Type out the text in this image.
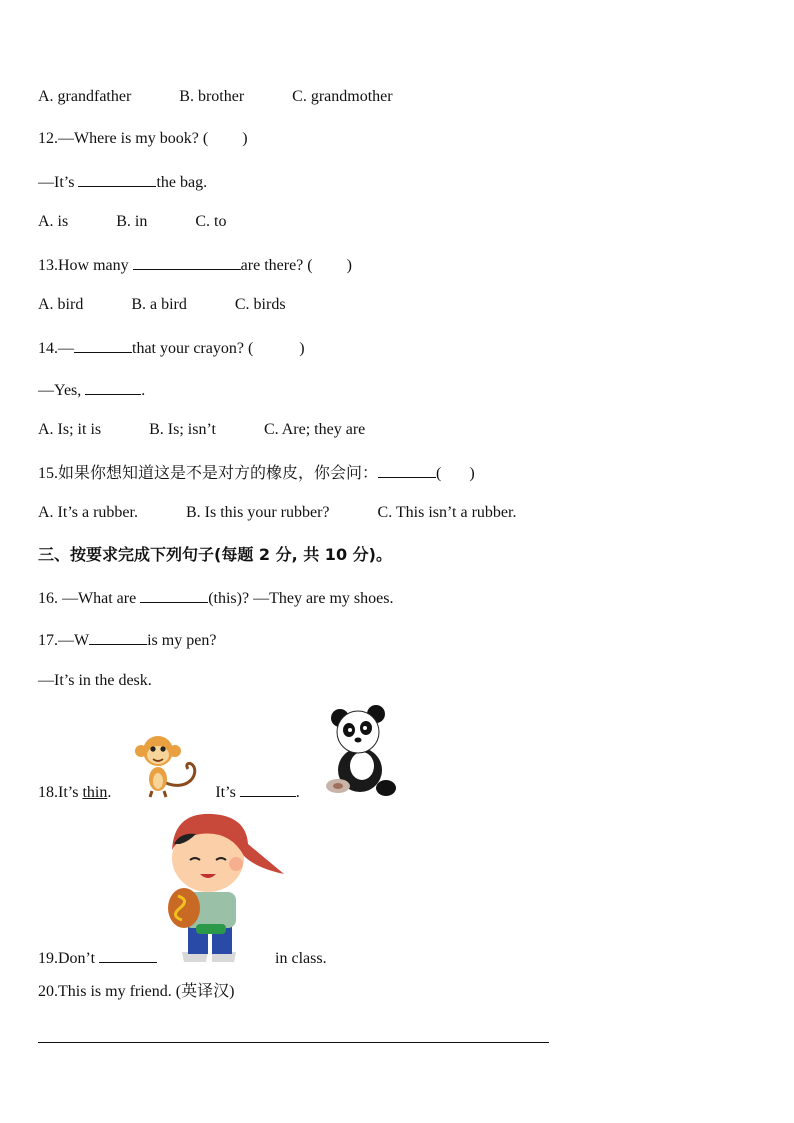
A. grandfather	B. brother	C. grandmother
12.—Where is my book? ( )
—It’s	the bag.
A. is	B. in	C. to
13.How many	are there? ( )
A. bird	B. a bird	C. birds
14.—	that your crayon? (	)
—Yes,	.
A. Is; it is	B. Is; isn’t	C. Are; they are
15.如果你想知道这是不是对方的橡皮，你会问：	( )
A. It’s a rubber.	B. Is this your rubber?	C. This isn’t a rubber.
三、按要求完成下列句子(每题 2 分, 共 10 分)。
16. —What are	(this)? —They are my shoes.
17.—W	is my pen?
—It’s in the desk.
18.It’s thin.	It’s	.
19.Don’t	in class.
20.This is my friend. (英译汉)
